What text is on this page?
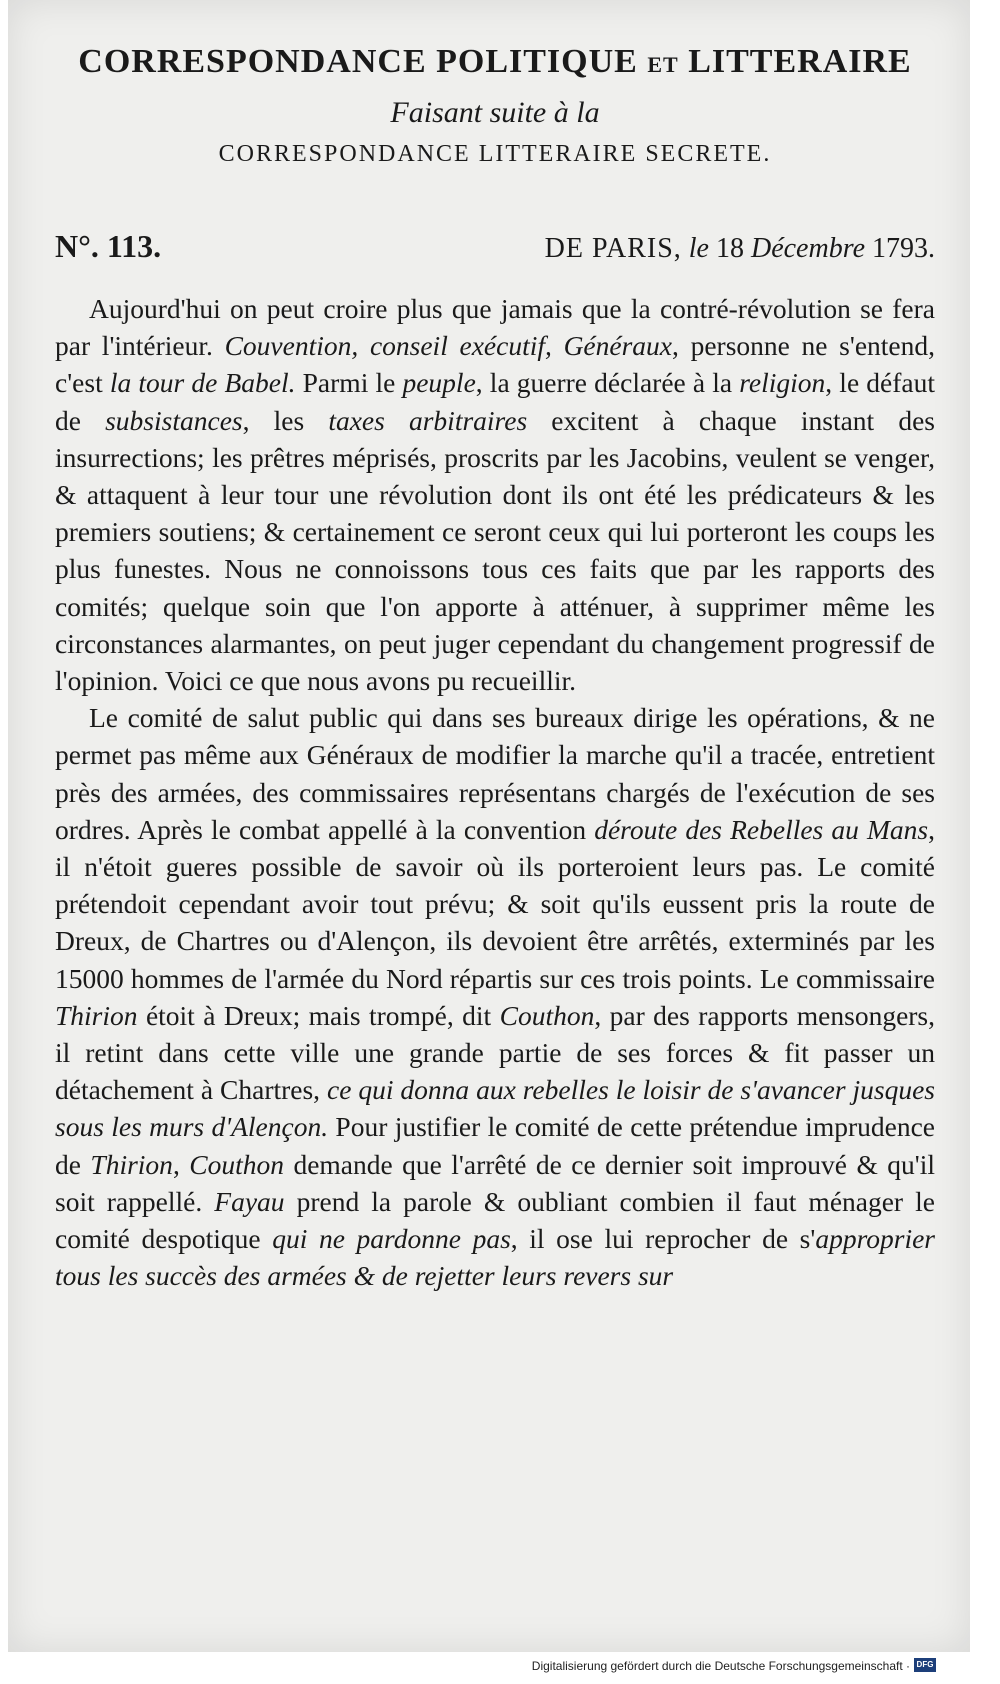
CORRESPONDANCE POLITIQUE ET LITTERAIRE
Faisant suite à la
CORRESPONDANCE LITTERAIRE SECRETE.
N°. 113.	DE PARIS, le 18 Décembre 1793.

Aujourd'hui on peut croire plus que jamais que la contré-révolution se fera par l'intérieur. Couvention, conseil exécutif, Généraux, personne ne s'entend, c'est la tour de Babel. Parmi le peuple, la guerre déclarée à la religion, le défaut de subsistances, les taxes arbitraires excitent à chaque instant des insurrections; les prêtres méprisés, proscrits par les Jacobins, veulent se venger, & attaquent à leur tour une révolution dont ils ont été les prédicateurs & les premiers soutiens; & certainement ce seront ceux qui lui porteront les coups les plus funestes. Nous ne connoissons tous ces faits que par les rapports des comités; quelque soin que l'on apporte à atténuer, à supprimer même les circonstances alarmantes, on peut juger cependant du changement progressif de l'opinion. Voici ce que nous avons pu recueillir.

Le comité de salut public qui dans ses bureaux dirige les opérations, & ne permet pas même aux Généraux de modifier la marche qu'il a tracée, entretient près des armées, des commissaires représentans chargés de l'exécution de ses ordres. Après le combat appellé à la convention déroute des Rebelles au Mans, il n'étoit gueres possible de savoir où ils porteroient leurs pas. Le comité prétendoit cependant avoir tout prévu; & soit qu'ils eussent pris la route de Dreux, de Chartres ou d'Alençon, ils devoient être arrêtés, exterminés par les 15000 hommes de l'armée du Nord répartis sur ces trois points. Le commissaire Thirion étoit à Dreux; mais trompé, dit Couthon, par des rapports mensongers, il retint dans cette ville une grande partie de ses forces & fit passer un détachement à Chartres, ce qui donna aux rebelles le loisir de s'avancer jusques sous les murs d'Alençon. Pour justifier le comité de cette prétendue imprudence de Thirion, Couthon demande que l'arrêté de ce dernier soit improuvé & qu'il soit rappellé. Fayau prend la parole & oubliant combien il faut ménager le comité despotique qui ne pardonne pas, il ose lui reprocher de s'approprier tous les succès des armées & de rejetter leurs revers sur

Digitalisierung gefördert durch die Deutsche Forschungsgemeinschaft · DFG
